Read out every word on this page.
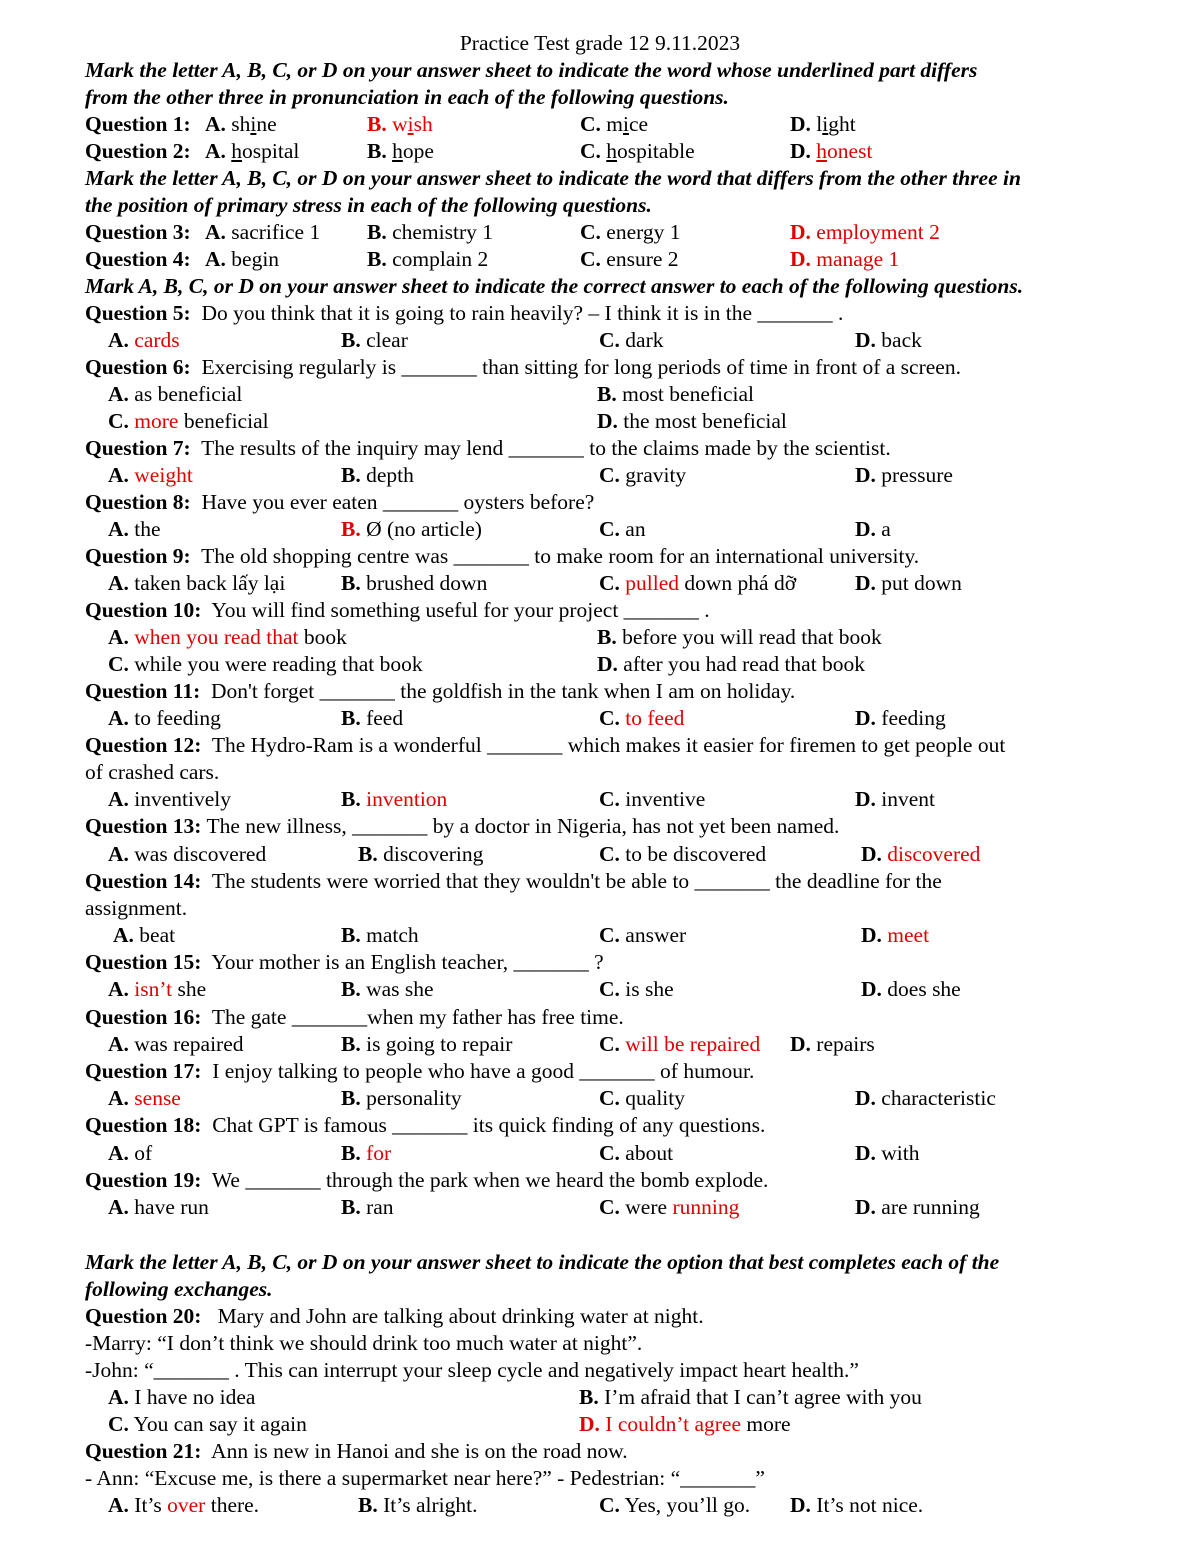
Practice Test grade 12 9.11.2023
Mark the letter A, B, C, or D on your answer sheet to indicate the word whose underlined part differs
from the other three in pronunciation in each of the following questions.
Question 1: A. shine	B. wish	C. mice	D. light
Question 2: A. hospital	B. hope	C. hospitable	D. honest
Mark the letter A, B, C, or D on your answer sheet to indicate the word that differs from the other three in
the position of primary stress in each of the following questions.
Question 3: A. sacrifice 1 B. chemistry 1	C. energy 1	D. employment 2
Question 4: A. begin	B. complain 2	C. ensure 2	D. manage 1
Mark A, B, C, or D on your answer sheet to indicate the correct answer to each of the following questions.
Question 5: Do you think that it is going to rain heavily? – I think it is in the _______ .
A. cards	B. clear	C. dark	D. back
Question 6: Exercising regularly is _______ than sitting for long periods of time in front of a screen.
A. as beneficial	B. most beneficial
C. more beneficial	D. the most beneficial
Question 7: The results of the inquiry may lend _______ to the claims made by the scientist.
A. weight	B. depth	C. gravity	D. pressure
Question 8: Have you ever eaten _______ oysters before?
A. the	B. Ø (no article)	C. an	D. a
Question 9: The old shopping centre was _______ to make room for an international university.
A. taken back lấy lại	B. brushed down	C. pulled down phá dỡ	D. put down
Question 10: You will find something useful for your project _______ .
A. when you read that book	B. before you will read that book
C. while you were reading that book	D. after you had read that book
Question 11: Don't forget _______ the goldfish in the tank when I am on holiday.
A. to feeding	B. feed	C. to feed	D. feeding
Question 12: The Hydro-Ram is a wonderful _______ which makes it easier for firemen to get people out
of crashed cars.
A. inventively	B. invention	C. inventive	D. invent
Question 13: The new illness, _______ by a doctor in Nigeria, has not yet been named.
A. was discovered	B. discovering	C. to be discovered	D. discovered
Question 14: The students were worried that they wouldn't be able to _______ the deadline for the
assignment.
A. beat	B. match	C. answer	D. meet
Question 15: Your mother is an English teacher, _______ ?
A. isn’t she	B. was she	C. is she	D. does she
Question 16: The gate _______when my father has free time.
A. was repaired	B. is going to repair	C. will be repaired D. repairs
Question 17: I enjoy talking to people who have a good _______ of humour.
A. sense	B. personality	C. quality	D. characteristic
Question 18: Chat GPT is famous _______ its quick finding of any questions.
A. of	B. for	C. about	D. with
Question 19: We _______ through the park when we heard the bomb explode.
A. have run	B. ran	C. were running	D. are running
Mark the letter A, B, C, or D on your answer sheet to indicate the option that best completes each of the
following exchanges.
Question 20: Mary and John are talking about drinking water at night.
-Marry: “I don’t think we should drink too much water at night”.
-John: “_______ . This can interrupt your sleep cycle and negatively impact heart health.”
A. I have no idea	B. I’m afraid that I can’t agree with you
C. You can say it again	D. I couldn’t agree more
Question 21: Ann is new in Hanoi and she is on the road now.
- Ann: “Excuse me, is there a supermarket near here?” - Pedestrian: “_______”
A. It’s over there.	B. It’s alright.	C. Yes, you’ll go. D. It’s not nice.
